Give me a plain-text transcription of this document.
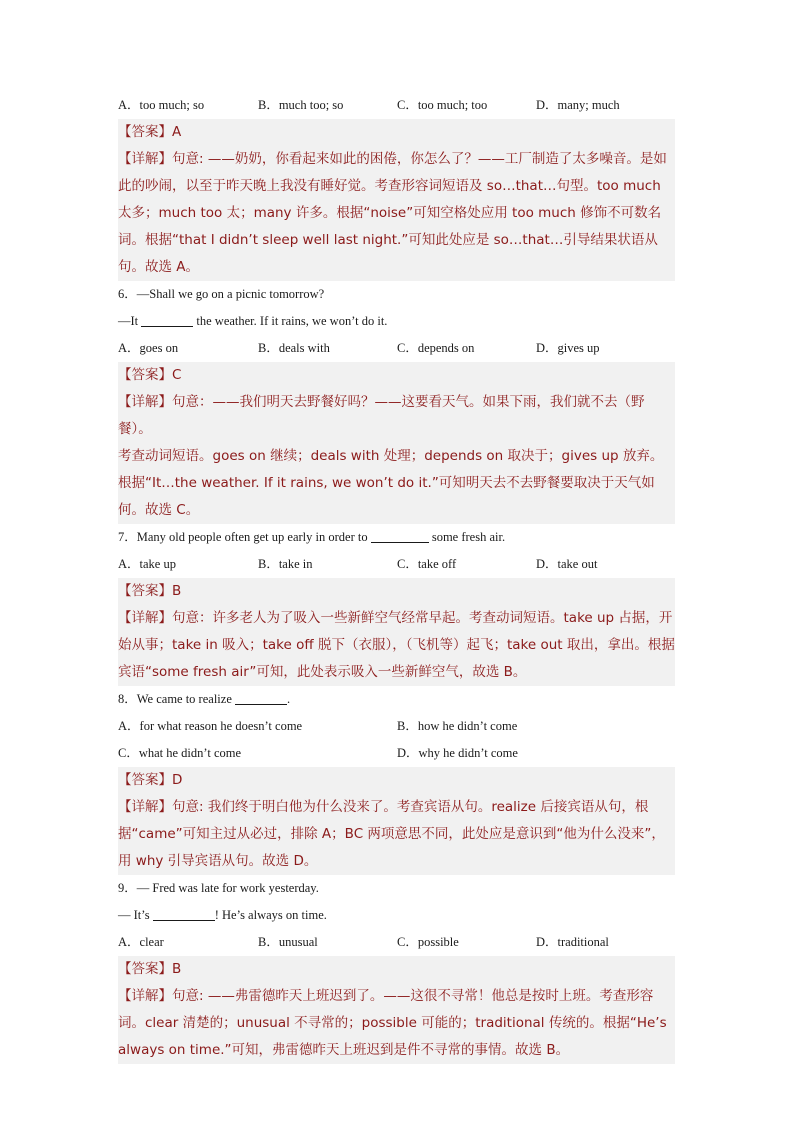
A．too much; so	B．much too; so	C．too much; too	D．many; much

【答案】A

【详解】句意: ——奶奶，你看起来如此的困倦，你怎么了？——工厂制造了太多噪音。是如此的吵闹，以至于昨天晚上我没有睡好觉。考查形容词短语及 so…that…句型。too much 太多；much too 太；many 许多。根据“noise”可知空格处应用 too much 修饰不可数名词。根据“that I didn’t sleep well last night.”可知此处应是 so…that…引导结果状语从句。故选 A。

6．—Shall we go on a picnic tomorrow?
—It	the weather. If it rains, we won’t do it.
A．goes on	B．deals with	C．depends on	D．gives up

【答案】C

【详解】句意：——我们明天去野餐好吗？——这要看天气。如果下雨，我们就不去（野餐）。

考查动词短语。goes on 继续；deals with 处理；depends on 取决于；gives up 放弃。根据“It…the weather. If it rains, we won’t do it.”可知明天去不去野餐要取决于天气如何。故选 C。

7．Many old people often get up early in order to	some fresh air.
A．take up	B．take in	C．take off	D．take out

【答案】B

【详解】句意：许多老人为了吸入一些新鲜空气经常早起。考查动词短语。take up 占据，开始从事；take in 吸入；take off 脱下（衣服），（飞机等）起飞；take out 取出，拿出。根据宾语“some fresh air”可知，此处表示吸入一些新鲜空气，故选 B。

8．We came to realize	.
A．for what reason he doesn’t come	B．how he didn’t come
C．what he didn’t come	D．why he didn’t come

【答案】D

【详解】句意: 我们终于明白他为什么没来了。考查宾语从句。realize 后接宾语从句，根据“came”可知主过从必过，排除 A；BC 两项意思不同，此处应是意识到“他为什么没来”，用 why 引导宾语从句。故选 D。

9．— Fred was late for work yesterday.
— It’s	! He’s always on time.
A．clear	B．unusual	C．possible	D．traditional

【答案】B

【详解】句意: ——弗雷德昨天上班迟到了。——这很不寻常！他总是按时上班。考查形容词。clear 清楚的；unusual 不寻常的；possible 可能的；traditional 传统的。根据“He’s always on time.”可知，弗雷德昨天上班迟到是件不寻常的事情。故选 B。
